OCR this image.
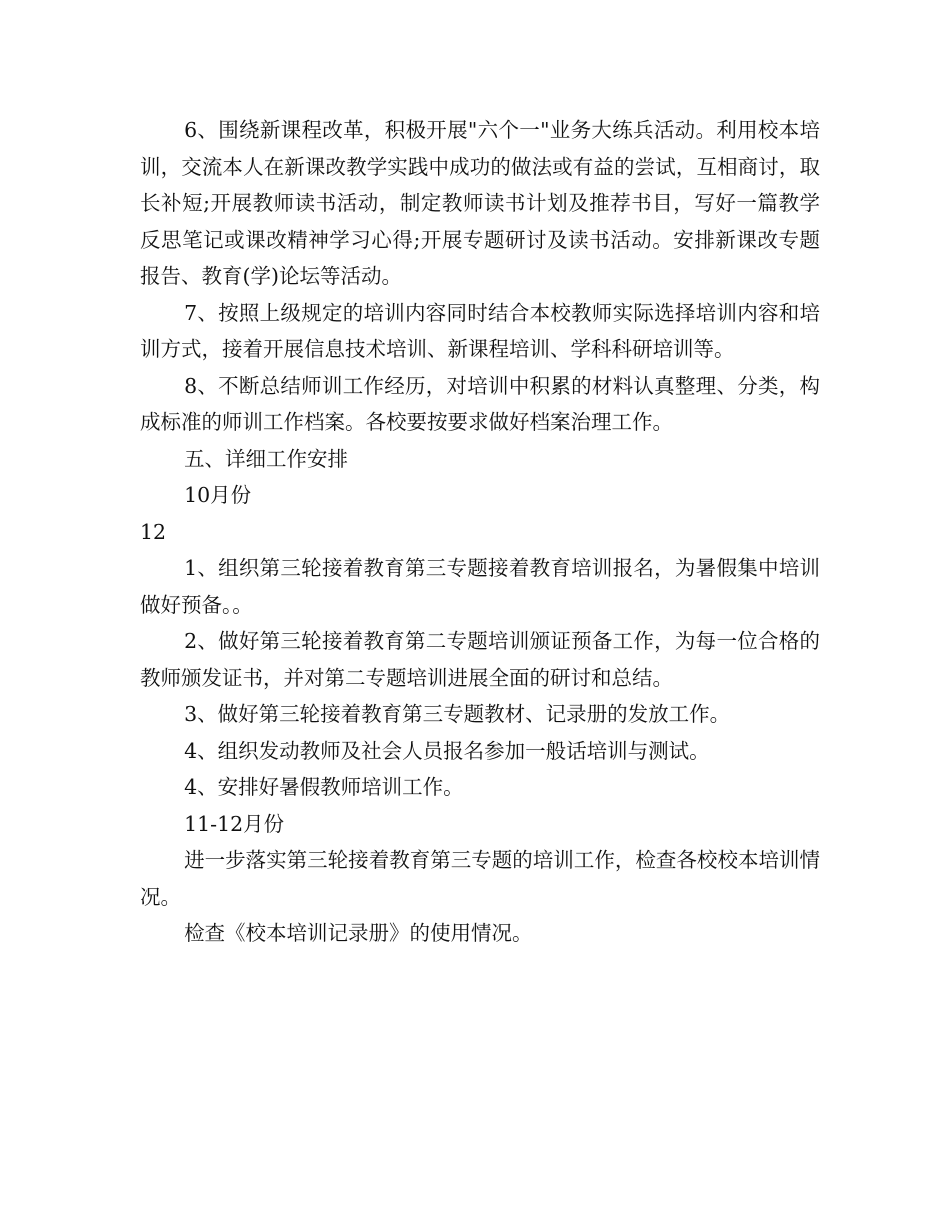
6、围绕新课程改革，积极开展"六个一"业务大练兵活动。利用校本培训，交流本人在新课改教学实践中成功的做法或有益的尝试，互相商讨，取长补短;开展教师读书活动，制定教师读书计划及推荐书目，写好一篇教学反思笔记或课改精神学习心得;开展专题研讨及读书活动。安排新课改专题报告、教育(学)论坛等活动。

7、按照上级规定的培训内容同时结合本校教师实际选择培训内容和培训方式，接着开展信息技术培训、新课程培训、学科科研培训等。

8、不断总结师训工作经历，对培训中积累的材料认真整理、分类，构成标准的师训工作档案。各校要按要求做好档案治理工作。

五、详细工作安排

10月份

12

1、组织第三轮接着教育第三专题接着教育培训报名，为暑假集中培训做好预备。。

2、做好第三轮接着教育第二专题培训颁证预备工作，为每一位合格的教师颁发证书，并对第二专题培训进展全面的研讨和总结。

3、做好第三轮接着教育第三专题教材、记录册的发放工作。

4、组织发动教师及社会人员报名参加一般话培训与测试。

4、安排好暑假教师培训工作。

11-12月份

进一步落实第三轮接着教育第三专题的培训工作，检查各校校本培训情况。

检查《校本培训记录册》的使用情况。
